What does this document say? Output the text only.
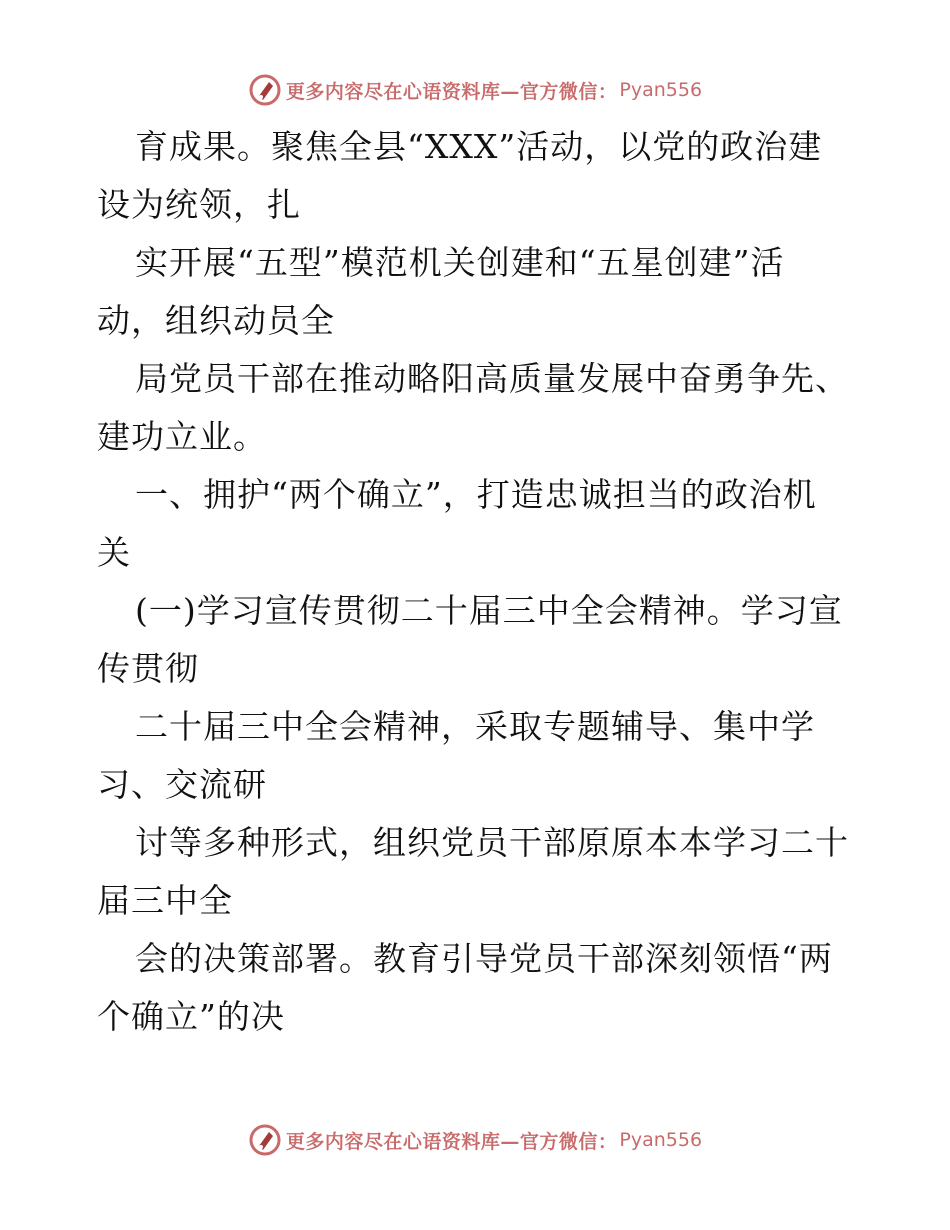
更多内容尽在心语资料库—官方微信： Pyan556
育成果。聚焦全县“XXX”活动，以党的政治建
设为统领，扎
实开展“五型”模范机关创建和“五星创建”活
动，组织动员全
局党员干部在推动略阳高质量发展中奋勇争先、
建功立业。
一、拥护“两个确立”，打造忠诚担当的政治机
关
(一)学习宣传贯彻二十届三中全会精神。学习宣
传贯彻
二十届三中全会精神，采取专题辅导、集中学
习、交流研
讨等多种形式，组织党员干部原原本本学习二十
届三中全
会的决策部署。教育引导党员干部深刻领悟“两
个确立”的决
更多内容尽在心语资料库—官方微信： Pyan556
